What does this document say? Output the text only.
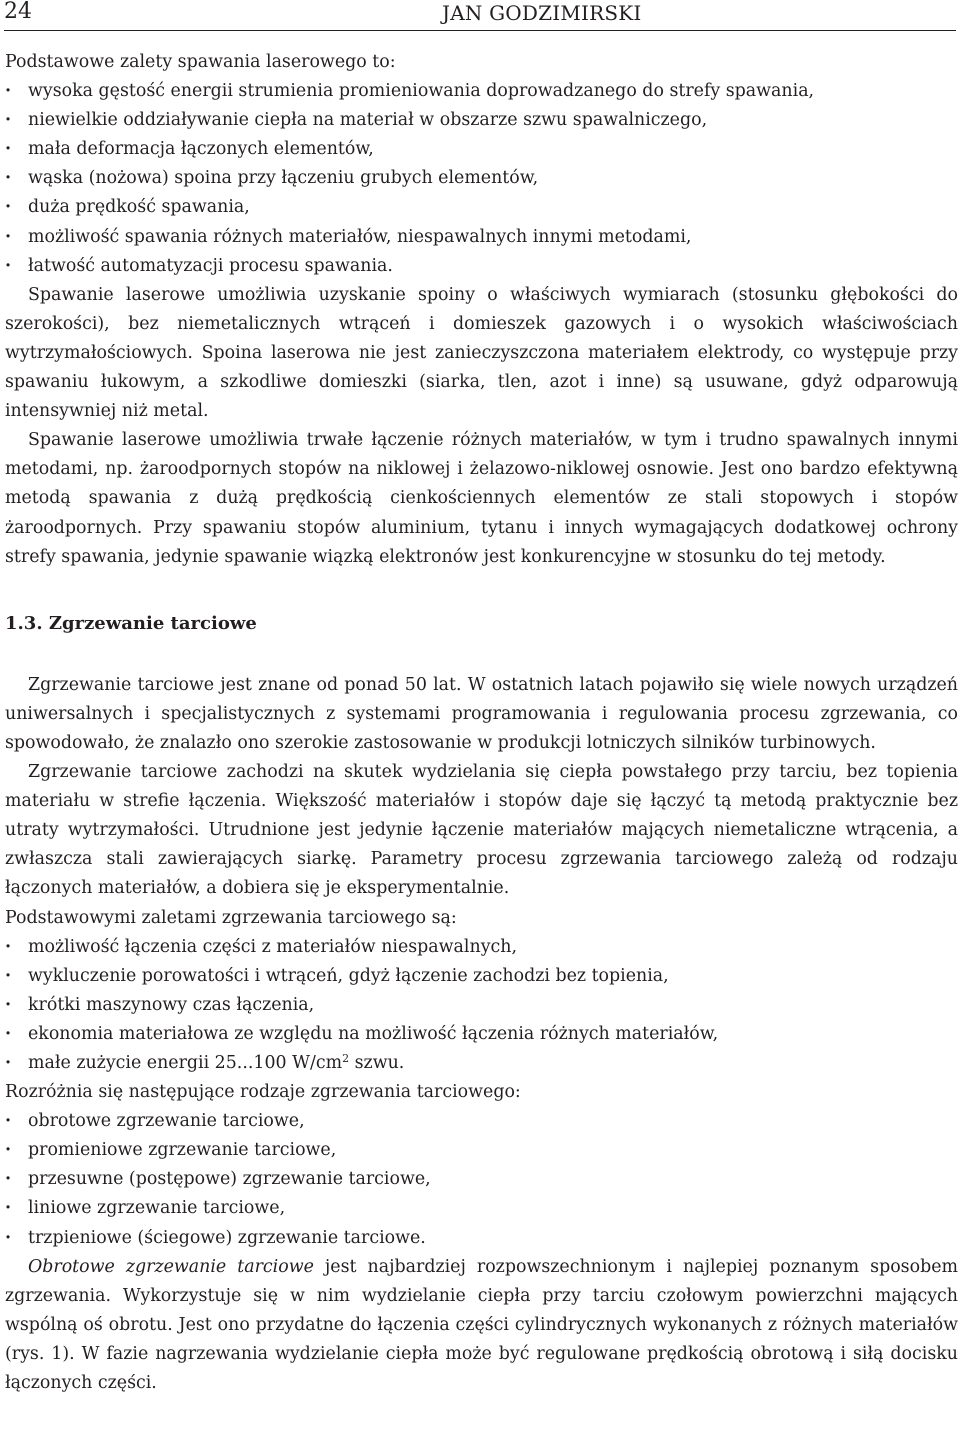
24	JAN GODZIMIRSKI

Podstawowe zalety spawania laserowego to:

· wysoka gęstość energii strumienia promieniowania doprowadzanego do strefy spawania,
· niewielkie oddziaływanie ciepła na materiał w obszarze szwu spawalniczego,
· mała deformacja łączonych elementów,
· wąska (nożowa) spoina przy łączeniu grubych elementów,
· duża prędkość spawania,
· możliwość spawania różnych materiałów, niespawalnych innymi metodami,
· łatwość automatyzacji procesu spawania.

Spawanie laserowe umożliwia uzyskanie spoiny o właściwych wymiarach (stosunku głębokości do szerokości), bez niemetalicznych wtrąceń i domieszek gazowych i o wysokich właściwościach wytrzymałościowych. Spoina laserowa nie jest zanieczyszczona materiałem elektrody, co występuje przy spawaniu łukowym, a szkodliwe domieszki (siarka, tlen, azot i inne) są usuwane, gdyż odparowują intensywniej niż metal.

Spawanie laserowe umożliwia trwałe łączenie różnych materiałów, w tym i trudno spawalnych innymi metodami, np. żaroodpornych stopów na niklowej i żelazowo-niklowej osnowie. Jest ono bardzo efektywną metodą spawania z dużą prędkością cienkościennych elementów ze stali stopowych i stopów żaroodpornych. Przy spawaniu stopów aluminium, tytanu i innych wymagających dodatkowej ochrony strefy spawania, jedynie spawanie wiązką elektronów jest konkurencyjne w stosunku do tej metody.

1.3. Zgrzewanie tarciowe

Zgrzewanie tarciowe jest znane od ponad 50 lat. W ostatnich latach pojawiło się wiele nowych urządzeń uniwersalnych i specjalistycznych z systemami programowania i regulowania procesu zgrzewania, co spowodowało, że znalazło ono szerokie zastosowanie w produkcji lotniczych silników turbinowych.

Zgrzewanie tarciowe zachodzi na skutek wydzielania się ciepła powstałego przy tarciu, bez topienia materiału w strefie łączenia. Większość materiałów i stopów daje się łączyć tą metodą praktycznie bez utraty wytrzymałości. Utrudnione jest jedynie łączenie materiałów mających niemetaliczne wtrącenia, a zwłaszcza stali zawierających siarkę. Parametry procesu zgrzewania tarciowego zależą od rodzaju łączonych materiałów, a dobiera się je eksperymentalnie.

Podstawowymi zaletami zgrzewania tarciowego są:

· możliwość łączenia części z materiałów niespawalnych,
· wykluczenie porowatości i wtrąceń, gdyż łączenie zachodzi bez topienia,
· krótki maszynowy czas łączenia,
· ekonomia materiałowa ze względu na możliwość łączenia różnych materiałów,
· małe zużycie energii 25...100 $W/cm^2$ szwu.

Rozróżnia się następujące rodzaje zgrzewania tarciowego:

· obrotowe zgrzewanie tarciowe,
· promieniowe zgrzewanie tarciowe,
· przesuwne (postępowe) zgrzewanie tarciowe,
· liniowe zgrzewanie tarciowe,
· trzpieniowe (ściegowe) zgrzewanie tarciowe.

Obrotowe zgrzewanie tarciowe jest najbardziej rozpowszechnionym i najlepiej poznanym sposobem zgrzewania. Wykorzystuje się w nim wydzielanie ciepła przy tarciu czołowym powierzchni mających wspólną oś obrotu. Jest ono przydatne do łączenia części cylindrycznych wykonanych z różnych materiałów (rys. 1). W fazie nagrzewania wydzielanie ciepła może być regulowane prędkością obrotową i siłą docisku łączonych części.
